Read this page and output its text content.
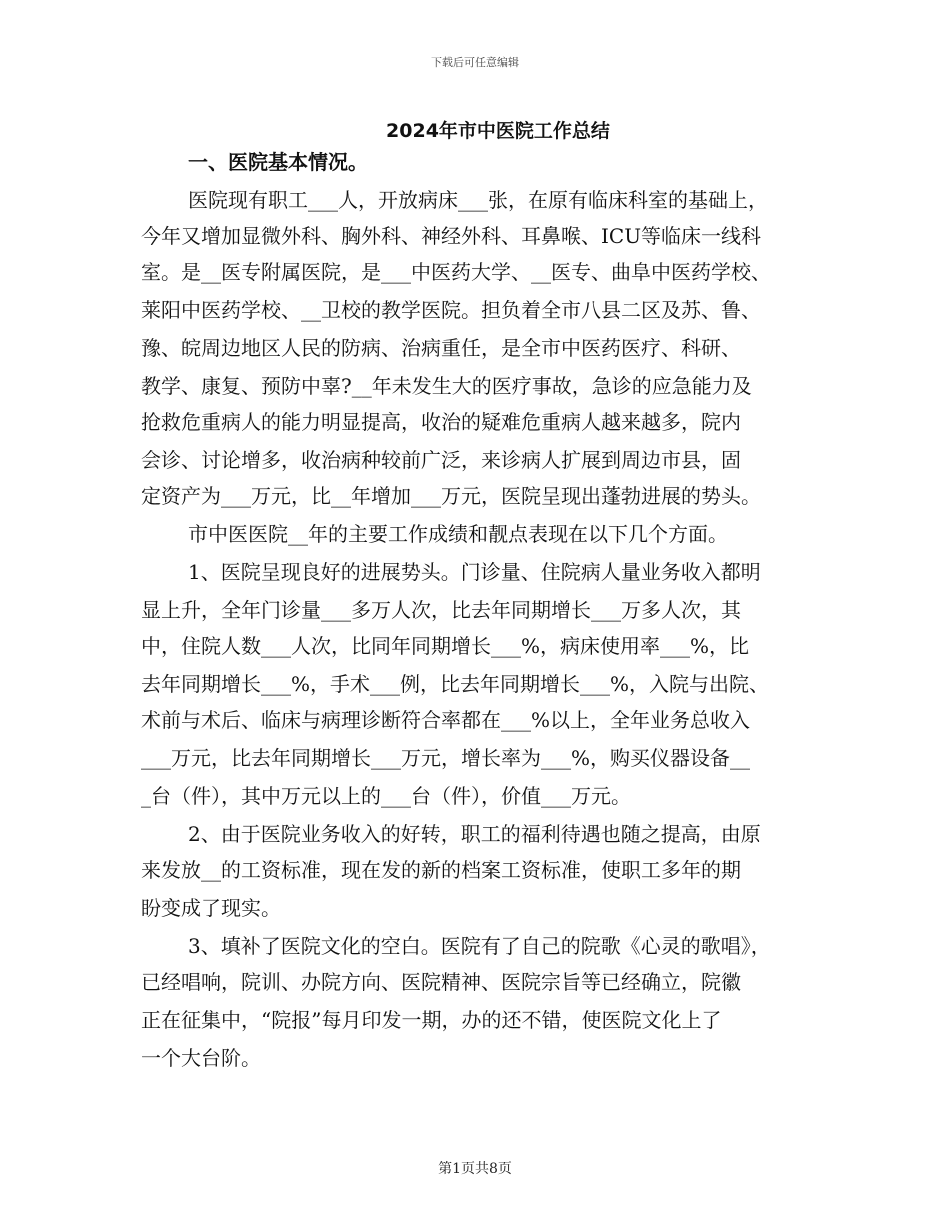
下载后可任意编辑
2024年市中医院工作总结
一、医院基本情况。
医院现有职工___人，开放病床___张，在原有临床科室的基础上，
今年又增加显微外科、胸外科、神经外科、耳鼻喉、ICU等临床一线科
室。是__医专附属医院，是___中医药大学、__医专、曲阜中医药学校、
莱阳中医药学校、__卫校的教学医院。担负着全市八县二区及苏、鲁、
豫、皖周边地区人民的防病、治病重任，是全市中医药医疗、科研、
教学、康复、预防中辜?__年未发生大的医疗事故，急诊的应急能力及
抢救危重病人的能力明显提高，收治的疑难危重病人越来越多，院内
会诊、讨论增多，收治病种较前广泛，来诊病人扩展到周边市县，固
定资产为___万元，比__年增加___万元，医院呈现出蓬勃进展的势头。
市中医医院__年的主要工作成绩和靓点表现在以下几个方面。
1、医院呈现良好的进展势头。门诊量、住院病人量业务收入都明
显上升，全年门诊量___多万人次，比去年同期增长___万多人次，其
中，住院人数___人次，比同年同期增长___%，病床使用率___%，比
去年同期增长___%，手术___例，比去年同期增长___%，入院与出院、
术前与术后、临床与病理诊断符合率都在___%以上，全年业务总收入
___万元，比去年同期增长___万元，增长率为___%，购买仪器设备__
_台（件），其中万元以上的___台（件），价值___万元。
2、由于医院业务收入的好转，职工的福利待遇也随之提高，由原
来发放__的工资标准，现在发的新的档案工资标准，使职工多年的期
盼变成了现实。
3、填补了医院文化的空白。医院有了自己的院歌《心灵的歌唱》，
已经唱响，院训、办院方向、医院精神、医院宗旨等已经确立，院徽
正在征集中，“院报”每月印发一期，办的还不错，使医院文化上了
一个大台阶。
第1页共8页
